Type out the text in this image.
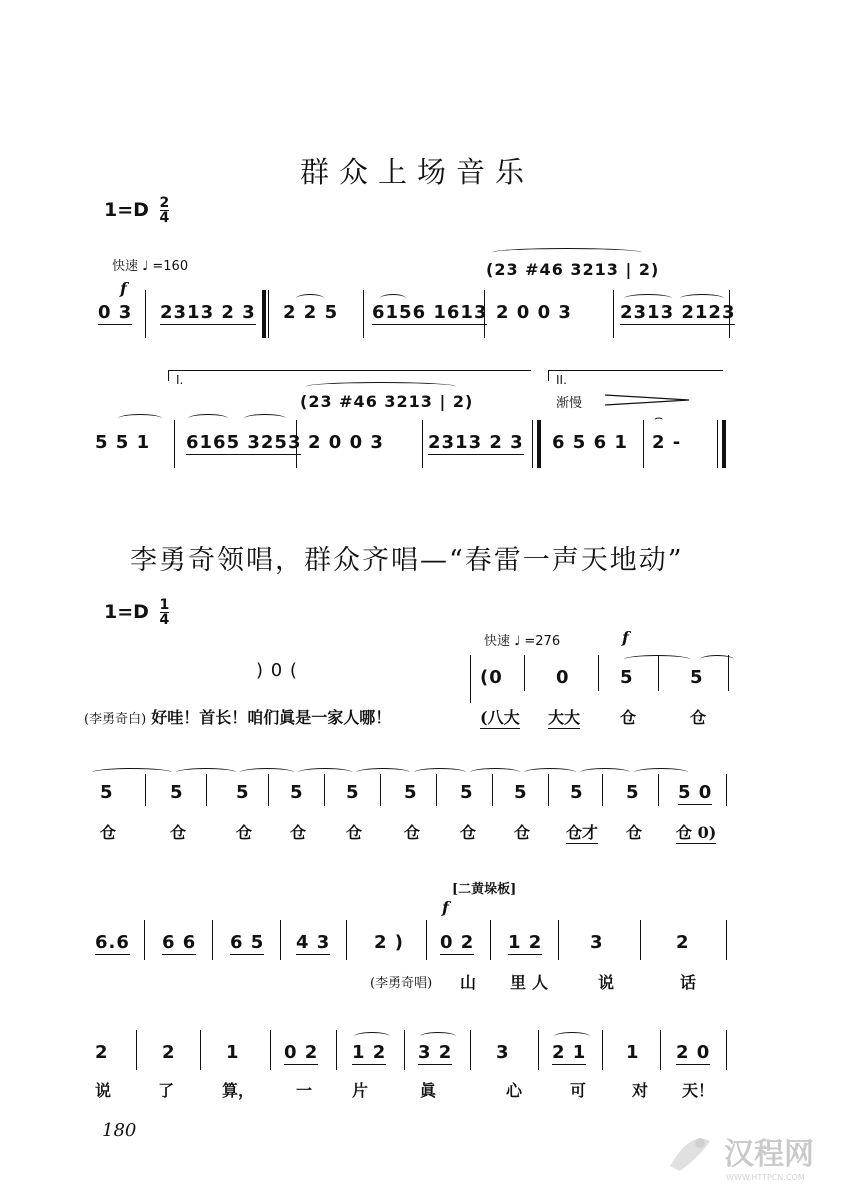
群众上场音乐
$1=D \frac{2}{4}$
快速 ♩ =160
f
(23 #46 3213 | 2)
0 3 2313 2 3 2 2 5 6156 1613 2 0 0 3	2313 2123
I.	II.
(23 #46 3213 | 2)	渐慢
5 5 1 6165 3253 2 0 0 3 2313 2 3 6 5 6 1 2 -
⌢
李勇奇领唱，群众齐唱—“春雷一声天地动”
$1=D \frac{1}{4}$
快速 ♩ =276	f
) 0 (	(0	0	5	5
(李勇奇白) 好哇！首长！咱们眞是一家人哪！	(八大 大大 仓	仓
5	5	5 5 5 5 5 5 5 5 5 0
仓	仓	仓 仓 仓	仓 仓 仓 仓才 仓 仓 0)
[二黄垛板]
f
6.6 6 6 6 5 4 3 2 ) 0 2 1 2	3	2
(李勇奇唱) 山 里人	说	话
2	2	1 0 2 1 2 3 2 3 2 1 1 2 0
说	了	算，	一 片	眞	心	可	对 天！
180
汉程网
WWW.HTTPCN.COM
